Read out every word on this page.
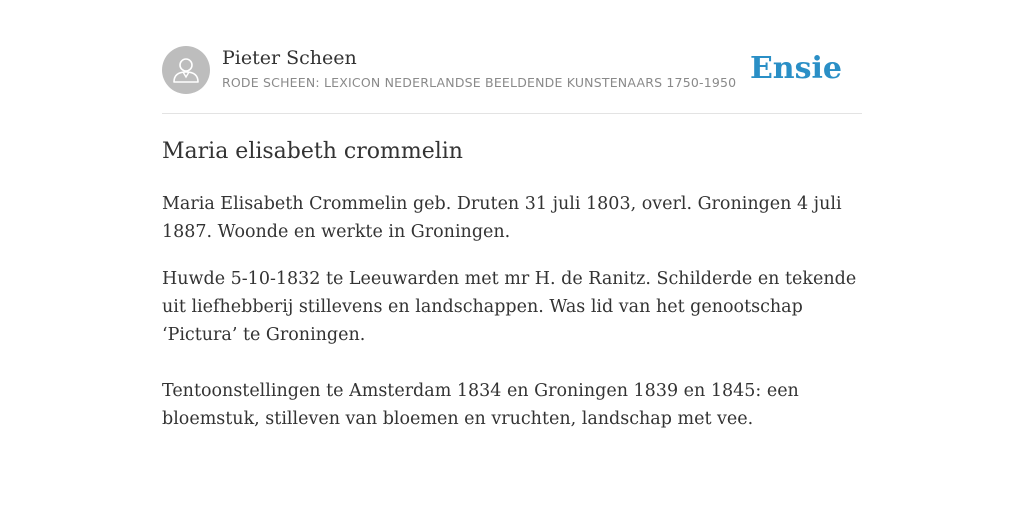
Pieter Scheen
RODE SCHEEN: LEXICON NEDERLANDSE BEELDENDE KUNSTENAARS 1750-1950 Ensie
Maria elisabeth crommelin

Maria Elisabeth Crommelin geb. Druten 31 juli 1803, overl. Groningen 4 juli 1887. Woonde en werkte in Groningen.

Huwde 5-10-1832 te Leeuwarden met mr H. de Ranitz. Schilderde en tekende uit liefhebberij stillevens en landschappen. Was lid van het genootschap ‘Pictura’ te Groningen.

Tentoonstellingen te Amsterdam 1834 en Groningen 1839 en 1845: een bloemstuk, stilleven van bloemen en vruchten, landschap met vee.
